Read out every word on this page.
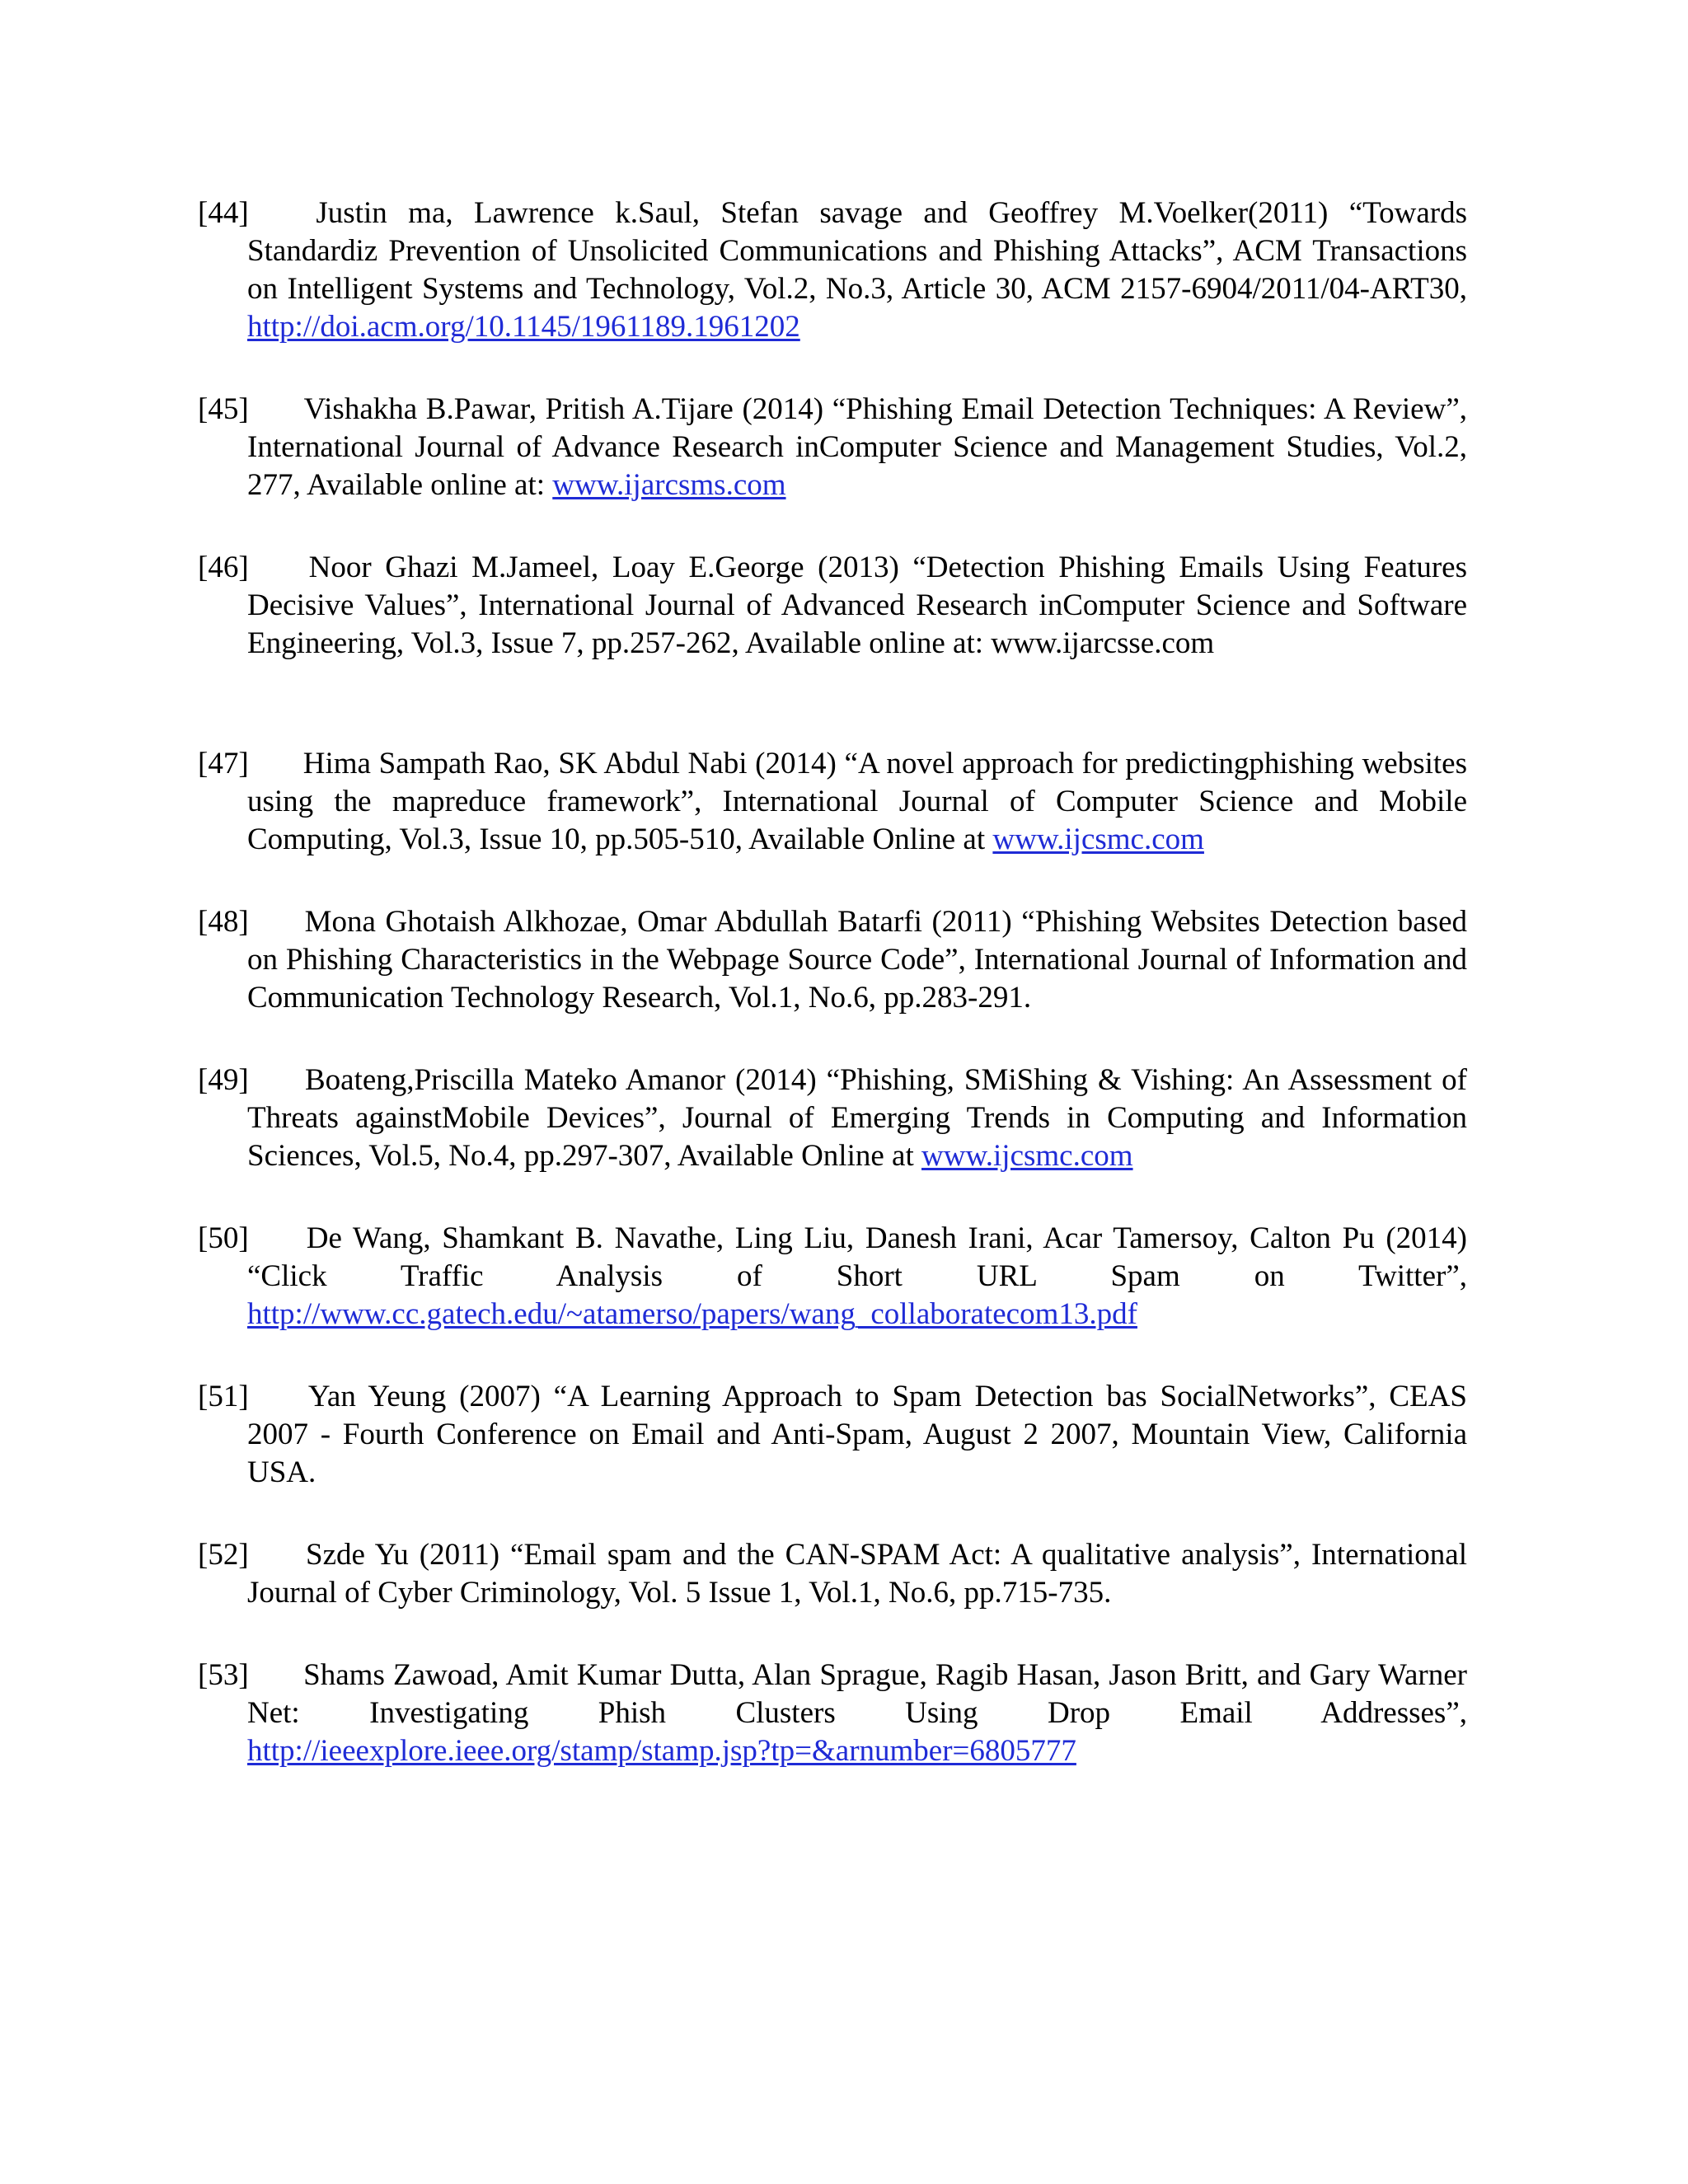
[44] Justin ma, Lawrence k.Saul, Stefan savage and Geoffrey M.Voelker(2011) “Towards Standardiz Prevention of Unsolicited Communications and Phishing Attacks”, ACM Transactions on Intelligent Systems and Technology, Vol.2, No.3, Article 30, ACM 2157-6904/2011/04-ART30, http://doi.acm.org/10.1145/1961189.1961202

[45] Vishakha B.Pawar, Pritish A.Tijare (2014) “Phishing Email Detection Techniques: A Review”, International Journal of Advance Research inComputer Science and Management Studies, Vol.2, 277, Available online at: www.ijarcsms.com

[46] Noor Ghazi M.Jameel, Loay E.George (2013) “Detection Phishing Emails Using Features Decisive Values”, International Journal of Advanced Research inComputer Science and Software Engineering, Vol.3, Issue 7, pp.257-262, Available online at: www.ijarcsse.com

[47] Hima Sampath Rao, SK Abdul Nabi (2014) “A novel approach for predictingphishing websites using the mapreduce framework”, International Journal of Computer Science and Mobile Computing, Vol.3, Issue 10, pp.505-510, Available Online at www.ijcsmc.com

[48] Mona Ghotaish Alkhozae, Omar Abdullah Batarfi (2011) “Phishing Websites Detection based on Phishing Characteristics in the Webpage Source Code”, International Journal of Information and Communication Technology Research, Vol.1, No.6, pp.283-291.

[49] Boateng,Priscilla Mateko Amanor (2014) “Phishing, SMiShing & Vishing: An Assessment of Threats againstMobile Devices”, Journal of Emerging Trends in Computing and Information Sciences, Vol.5, No.4, pp.297-307, Available Online at www.ijcsmc.com

[50] De Wang, Shamkant B. Navathe, Ling Liu, Danesh Irani, Acar Tamersoy, Calton Pu (2014) “Click Traffic Analysis of Short URL Spam on Twitter”, http://www.cc.gatech.edu/~atamerso/papers/wang_collaboratecom13.pdf

[51] Yan Yeung (2007) “A Learning Approach to Spam Detection bas SocialNetworks”, CEAS 2007 - Fourth Conference on Email and Anti-Spam, August 2 2007, Mountain View, California USA.

[52] Szde Yu (2011) “Email spam and the CAN-SPAM Act: A qualitative analysis”, International Journal of Cyber Criminology, Vol. 5 Issue 1, Vol.1, No.6, pp.715-735.

[53] Shams Zawoad, Amit Kumar Dutta, Alan Sprague, Ragib Hasan, Jason Britt, and Gary Warner Net: Investigating Phish Clusters Using Drop Email Addresses”, http://ieeexplore.ieee.org/stamp/stamp.jsp?tp=&arnumber=6805777
